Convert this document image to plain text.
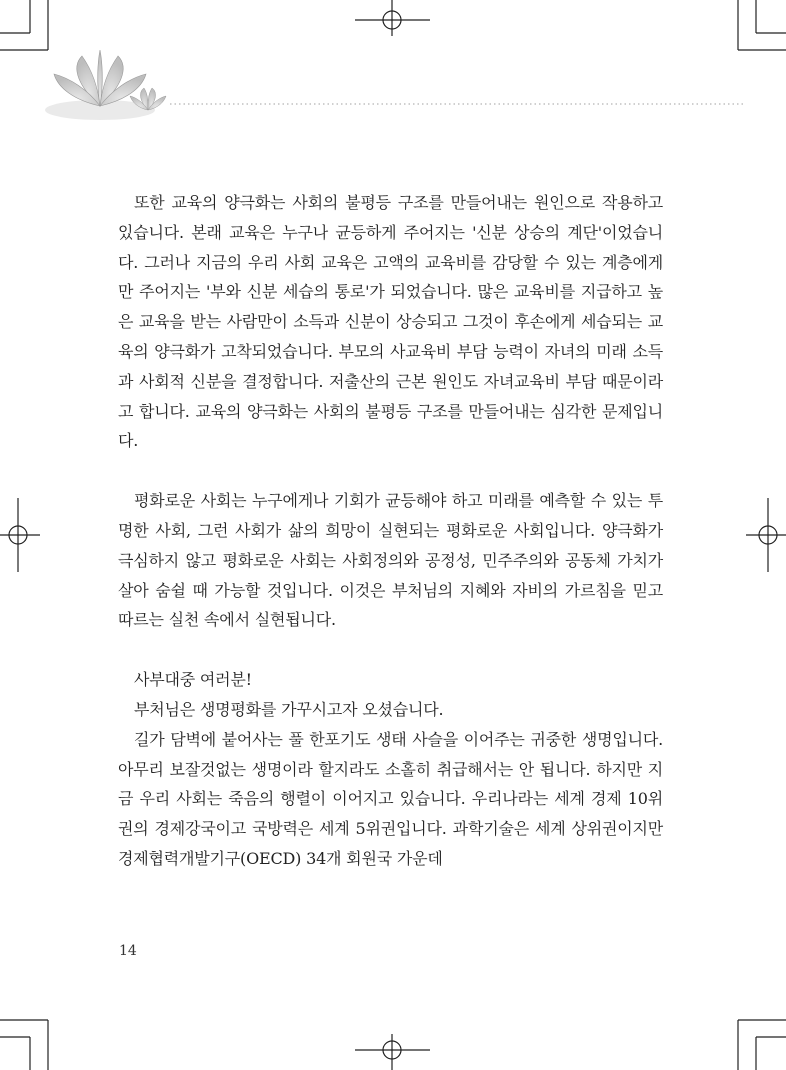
또한 교육의 양극화는 사회의 불평등 구조를 만들어내는 원인으로 작용하고 있습니다. 본래 교육은 누구나 균등하게 주어지는 '신분 상승의 계단'이었습니다. 그러나 지금의 우리 사회 교육은 고액의 교육비를 감당할 수 있는 계층에게만 주어지는 '부와 신분 세습의 통로'가 되었습니다. 많은 교육비를 지급하고 높은 교육을 받는 사람만이 소득과 신분이 상승되고 그것이 후손에게 세습되는 교육의 양극화가 고착되었습니다. 부모의 사교육비 부담 능력이 자녀의 미래 소득과 사회적 신분을 결정합니다. 저출산의 근본 원인도 자녀교육비 부담 때문이라고 합니다. 교육의 양극화는 사회의 불평등 구조를 만들어내는 심각한 문제입니다.

평화로운 사회는 누구에게나 기회가 균등해야 하고 미래를 예측할 수 있는 투명한 사회, 그런 사회가 삶의 희망이 실현되는 평화로운 사회입니다. 양극화가 극심하지 않고 평화로운 사회는 사회정의와 공정성, 민주주의와 공동체 가치가 살아 숨쉴 때 가능할 것입니다. 이것은 부처님의 지혜와 자비의 가르침을 믿고 따르는 실천 속에서 실현됩니다.

사부대중 여러분!

부처님은 생명평화를 가꾸시고자 오셨습니다.

길가 담벽에 붙어사는 풀 한포기도 생태 사슬을 이어주는 귀중한 생명입니다. 아무리 보잘것없는 생명이라 할지라도 소홀히 취급해서는 안 됩니다. 하지만 지금 우리 사회는 죽음의 행렬이 이어지고 있습니다. 우리나라는 세계 경제 10위권의 경제강국이고 국방력은 세계 5위권입니다. 과학기술은 세계 상위권이지만 경제협력개발기구(OECD) 34개 회원국 가운데

14
